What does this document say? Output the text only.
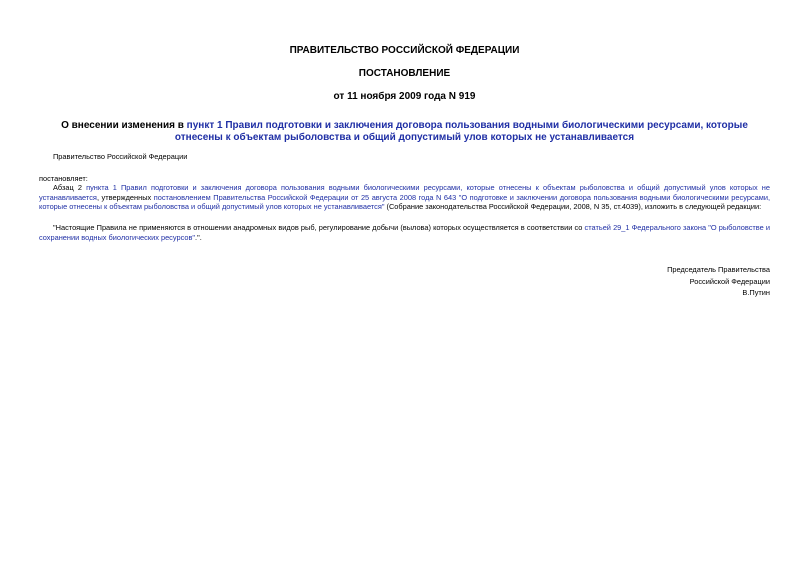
ПРАВИТЕЛЬСТВО РОССИЙСКОЙ ФЕДЕРАЦИИ
ПОСТАНОВЛЕНИЕ
от 11 ноября 2009 года N 919
О внесении изменения в пункт 1 Правил подготовки и заключения договора пользования водными биологическими ресурсами, которые отнесены к объектам рыболовства и общий допустимый улов которых не устанавливается
Правительство Российской Федерации
постановляет:
Абзац 2 пункта 1 Правил подготовки и заключения договора пользования водными биологическими ресурсами, которые отнесены к объектам рыболовства и общий допустимый улов которых не устанавливается, утвержденных постановлением Правительства Российской Федерации от 25 августа 2008 года N 643 "О подготовке и заключении договора пользования водными биологическими ресурсами, которые отнесены к объектам рыболовства и общий допустимый улов которых не устанавливается" (Собрание законодательства Российской Федерации, 2008, N 35, ст.4039), изложить в следующей редакции:
"Настоящие Правила не применяются в отношении анадромных видов рыб, регулирование добычи (вылова) которых осуществляется в соответствии со статьей 29_1 Федерального закона "О рыболовстве и сохранении водных биологических ресурсов".".
Председатель Правительства
Российской Федерации
В.Путин
